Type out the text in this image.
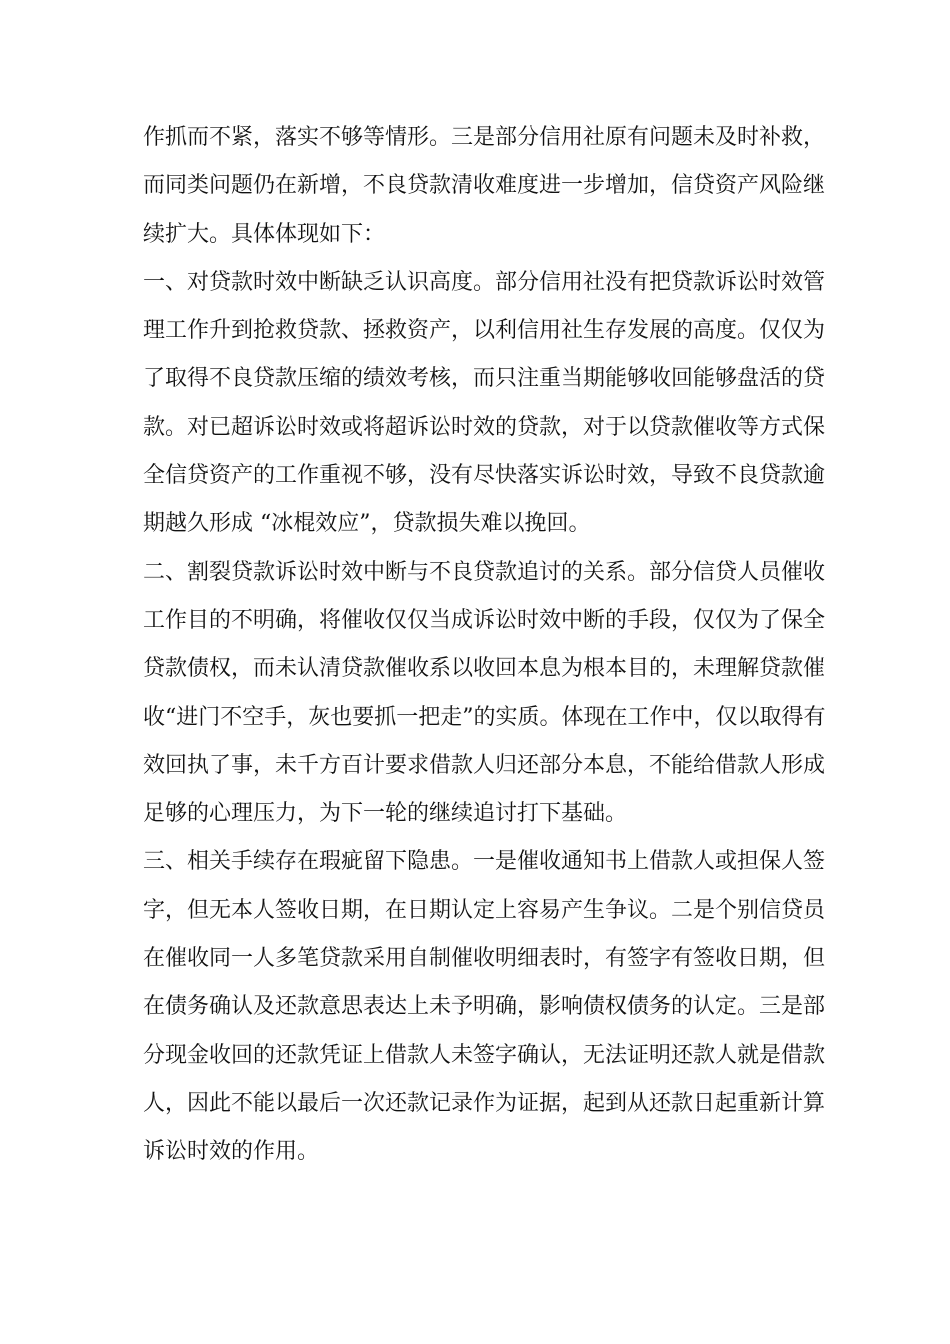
作抓而不紧，落实不够等情形。三是部分信用社原有问题未及时补救，
而同类问题仍在新增，不良贷款清收难度进一步增加，信贷资产风险继
续扩大。具体体现如下：
一、对贷款时效中断缺乏认识高度。部分信用社没有把贷款诉讼时效管
理工作升到抢救贷款、拯救资产，以利信用社生存发展的高度。仅仅为
了取得不良贷款压缩的绩效考核，而只注重当期能够收回能够盘活的贷
款。对已超诉讼时效或将超诉讼时效的贷款，对于以贷款催收等方式保
全信贷资产的工作重视不够，没有尽快落实诉讼时效，导致不良贷款逾
期越久形成 “冰棍效应”，贷款损失难以挽回。
二、割裂贷款诉讼时效中断与不良贷款追讨的关系。部分信贷人员催收
工作目的不明确，将催收仅仅当成诉讼时效中断的手段，仅仅为了保全
贷款债权，而未认清贷款催收系以收回本息为根本目的，未理解贷款催
收“进门不空手，灰也要抓一把走”的实质。体现在工作中，仅以取得有
效回执了事，未千方百计要求借款人归还部分本息，不能给借款人形成
足够的心理压力，为下一轮的继续追讨打下基础。
三、相关手续存在瑕疵留下隐患。一是催收通知书上借款人或担保人签
字，但无本人签收日期，在日期认定上容易产生争议。二是个别信贷员
在催收同一人多笔贷款采用自制催收明细表时，有签字有签收日期，但
在债务确认及还款意思表达上未予明确，影响债权债务的认定。三是部
分现金收回的还款凭证上借款人未签字确认，无法证明还款人就是借款
人，因此不能以最后一次还款记录作为证据，起到从还款日起重新计算
诉讼时效的作用。
